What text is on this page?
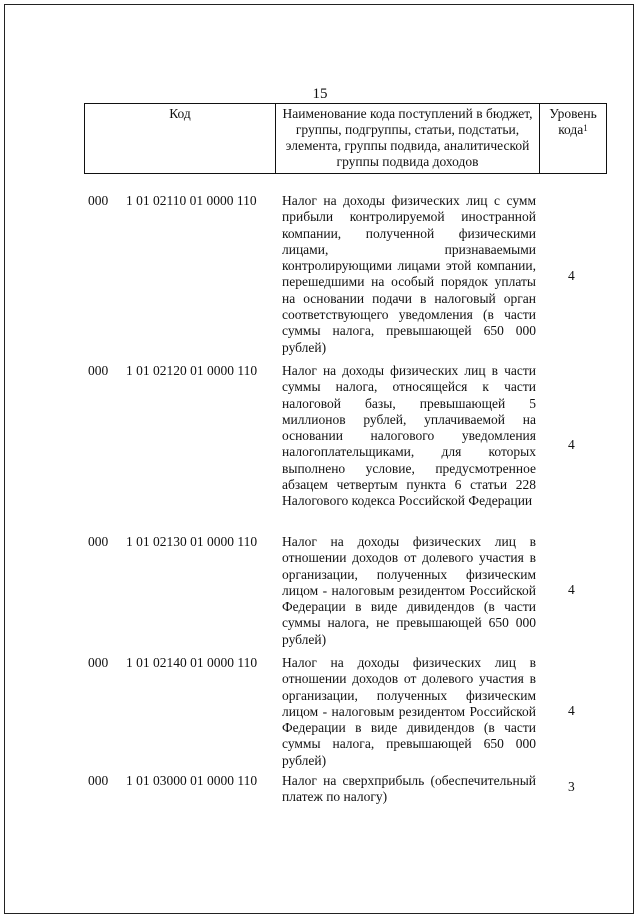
15
Код	Наименование кода поступлений в бюджет, группы, подгруппы, статьи, подстатьи, элемента, группы подвида, аналитической группы подвида доходов
Уровень кода$^1$
000 1 01 02110 01 0000 110 Налог на доходы физических лиц с сумм прибыли контролируемой иностранной компании, полученной физическими лицами, признаваемыми контролирующими лицами этой компании, перешедшими на особый порядок уплаты на основании подачи в налоговый орган соответствующего уведомления (в части суммы налога, превышающей 650 000 рублей)
4
000 1 01 02120 01 0000 110 Налог на доходы физических лиц в части суммы налога, относящейся к части налоговой базы, превышающей 5 миллионов рублей, уплачиваемой на основании налогового уведомления налогоплательщиками, для которых выполнено условие, предусмотренное абзацем четвертым пункта 6 статьи 228 Налогового кодекса Российской Федерации
4
000 1 01 02130 01 0000 110 Налог на доходы физических лиц в отношении доходов от долевого участия в организации, полученных физическим лицом - налоговым резидентом Российской Федерации в виде дивидендов (в части суммы налога, не превышающей 650 000 рублей)
4
000 1 01 02140 01 0000 110 Налог на доходы физических лиц в отношении доходов от долевого участия в организации, полученных физическим лицом - налоговым резидентом Российской Федерации в виде дивидендов (в части суммы налога, превышающей 650 000 рублей)
4
000 1 01 03000 01 0000 110 Налог на сверхприбыль (обеспечительный платеж по налогу)
3
